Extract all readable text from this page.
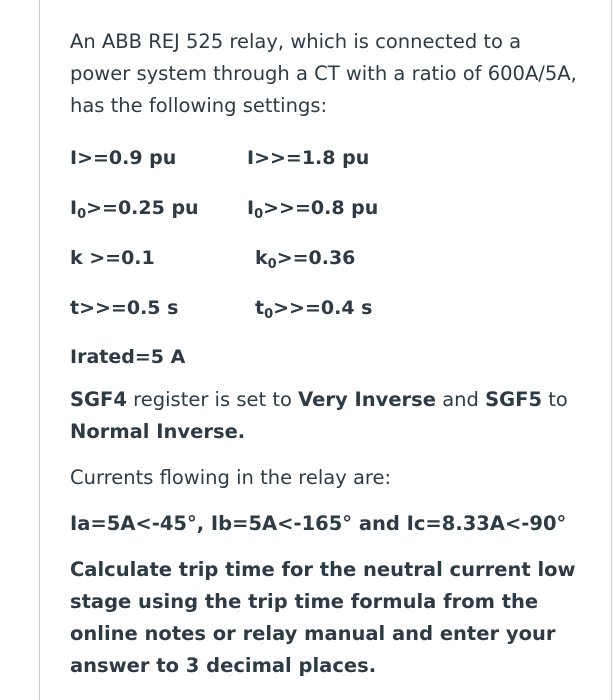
An ABB REJ 525 relay, which is connected to a power system through a CT with a ratio of 600A/5A, has the following settings:

I>=0.9 pu	I>>=1.8 pu
$I_0>=0.25$ pu	$I_0>>=0.8$ pu
k >=0.1	$k_0>=0.36$
t>>=0.5 s	$t_0>>=0.4$ s
Irated=5 A

SGF4 register is set to Very Inverse and SGF5 to Normal Inverse.

Currents flowing in the relay are:

Ia=5A<-45°, Ib=5A<-165° and Ic=8.33A<-90°

Calculate trip time for the neutral current low stage using the trip time formula from the online notes or relay manual and enter your answer to 3 decimal places.
